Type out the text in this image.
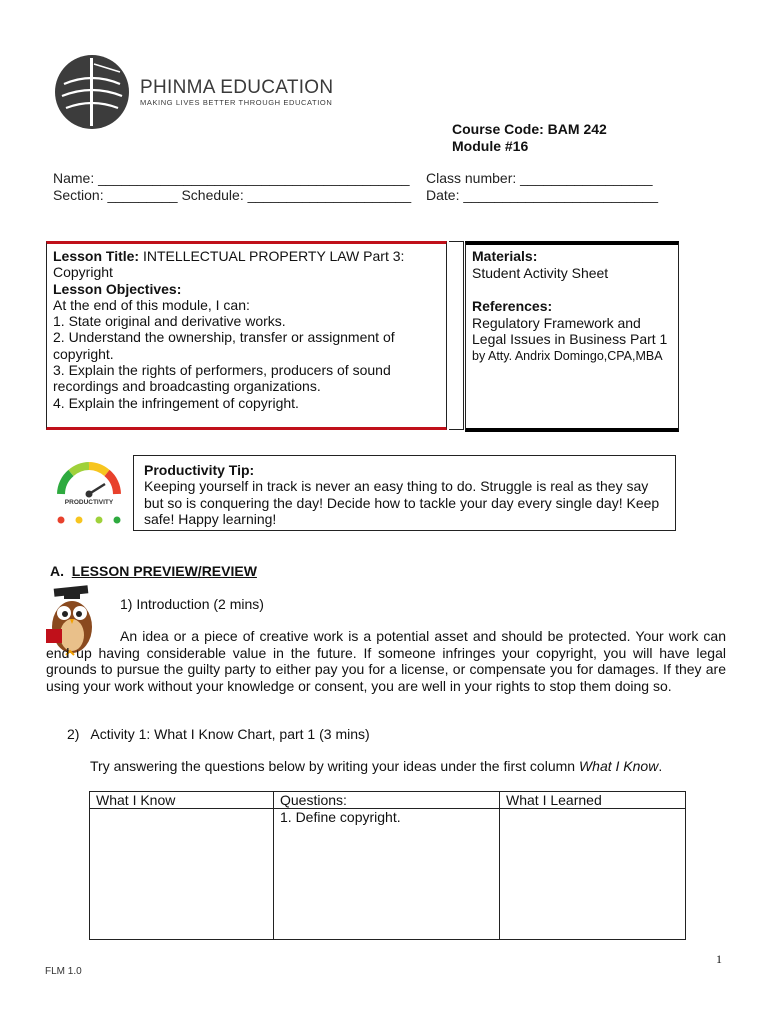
PHINMA EDUCATION
MAKING LIVES BETTER THROUGH EDUCATION
Course Code: BAM 242
Module #16
Name: ________________________________________
Section: _________ Schedule: _____________________
Class number: _________________
Date: _________________________
Lesson Title: INTELLECTUAL PROPERTY LAW Part 3: Copyright
Lesson Objectives:
At the end of this module, I can:
1. State original and derivative works.
2. Understand the ownership, transfer or assignment of copyright.
3. Explain the rights of performers, producers of sound recordings and broadcasting organizations.
4. Explain the infringement of copyright.
Materials:
Student Activity Sheet
References:
Regulatory Framework and Legal Issues in Business Part 1
by Atty. Andrix Domingo,CPA,MBA
PRODUCTIVITY
Productivity Tip:
Keeping yourself in track is never an easy thing to do. Struggle is real as they say but so is conquering the day! Decide how to tackle your day every single day! Keep safe! Happy learning!
A. LESSON PREVIEW/REVIEW
1) Introduction (2 mins)
An idea or a piece of creative work is a potential asset and should be protected. Your work can end up having considerable value in the future. If someone infringes your copyright, you will have legal grounds to pursue the guilty party to either pay you for a license, or compensate you for damages. If they are using your work without your knowledge or consent, you are well in your rights to stop them doing so.
2) Activity 1: What I Know Chart, part 1 (3 mins)
Try answering the questions below by writing your ideas under the first column What I Know.
What I Know	Questions:	What I Learned
	1. Define copyright.	
1
FLM 1.0
